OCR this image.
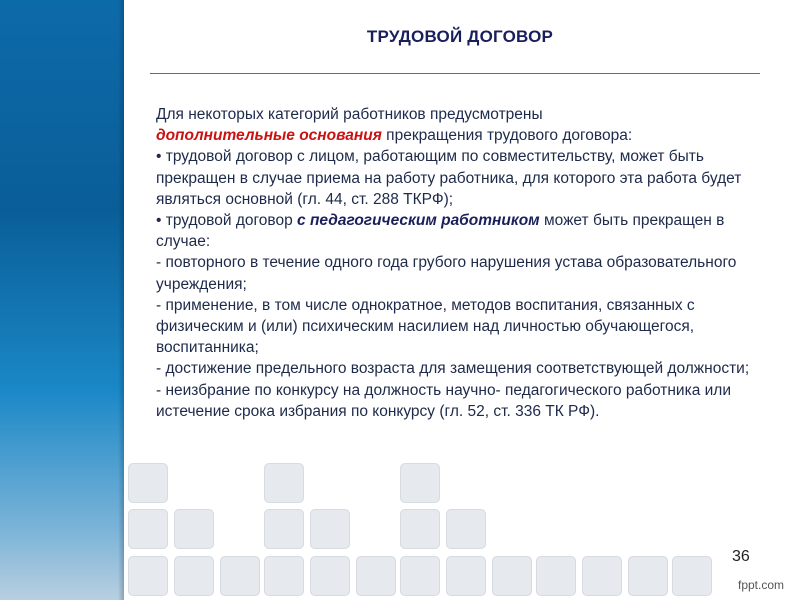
ТРУДОВОЙ ДОГОВОР

Для некоторых категорий работников предусмотрены
дополнительные основания прекращения трудового договора:

• трудовой договор с лицом, работающим по совместительству, может быть прекращен в случае приема на работу работника, для которого эта работа будет являться основной (гл. 44, ст. 288 ТКРФ);

• трудовой договор с педагогическим работником может быть прекращен в случае:

- повторного в течение одного года грубого нарушения устава образовательного учреждения;

- применение, в том числе однократное, методов воспитания, связанных с физическим и (или) психическим насилием над личностью обучающегося, воспитанника;

- достижение предельного возраста для замещения соответствующей должности;

- неизбрание по конкурсу на должность научно- педагогического работника или истечение срока избрания по конкурсу (гл. 52, ст. 336 ТК РФ).

36
fppt.com
